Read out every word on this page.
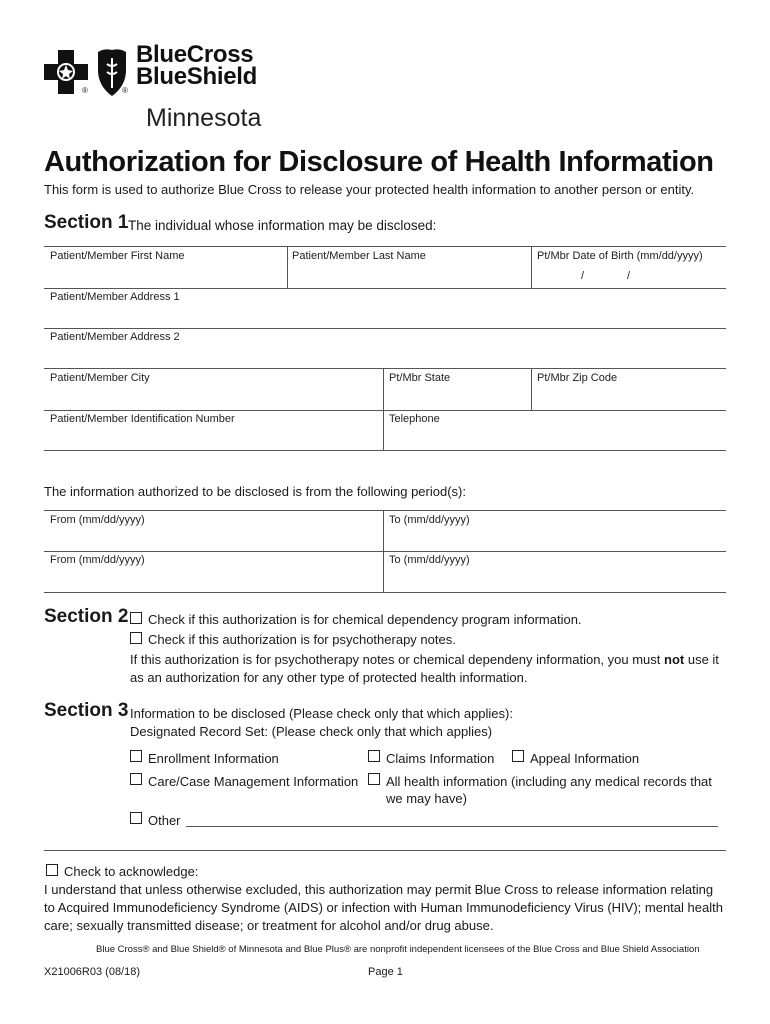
®	®
BlueCross
BlueShield
Minnesota
Authorization for Disclosure of Health Information
This form is used to authorize Blue Cross to release your protected health information to another person or entity.
Section 1 The individual whose information may be disclosed:
Patient/Member First Name	Patient/Member Last Name	Pt/Mbr Date of Birth (mm/dd/yyyy)
/	/
Patient/Member Address 1
Patient/Member Address 2
Patient/Member City	Pt/Mbr State	Pt/Mbr Zip Code
Patient/Member Identification Number	Telephone
The information authorized to be disclosed is from the following period(s):
From (mm/dd/yyyy)	To (mm/dd/yyyy)
From (mm/dd/yyyy)	To (mm/dd/yyyy)
Section 2 Check if this authorization is for chemical dependency program information.
Check if this authorization is for psychotherapy notes.
If this authorization is for psychotherapy notes or chemical dependeny information, you must not use it
as an authorization for any other type of protected health information.
Section 3 Information to be disclosed (Please check only that which applies):
Designated Record Set: (Please check only that which applies)
Enrollment Information	Claims Information	Appeal Information
Care/Case Management Information All health information (including any medical records that
we may have)
Other
Check to acknowledge:
I understand that unless otherwise excluded, this authorization may permit Blue Cross to release information relating
to Acquired Immunodeficiency Syndrome (AIDS) or infection with Human Immunodeficiency Virus (HIV); mental health
care; sexually transmitted disease; or treatment for alcohol and/or drug abuse.
Blue Cross® and Blue Shield® of Minnesota and Blue Plus® are nonprofit independent licensees of the Blue Cross and Blue Shield Association
X21006R03 (08/18)	Page 1
